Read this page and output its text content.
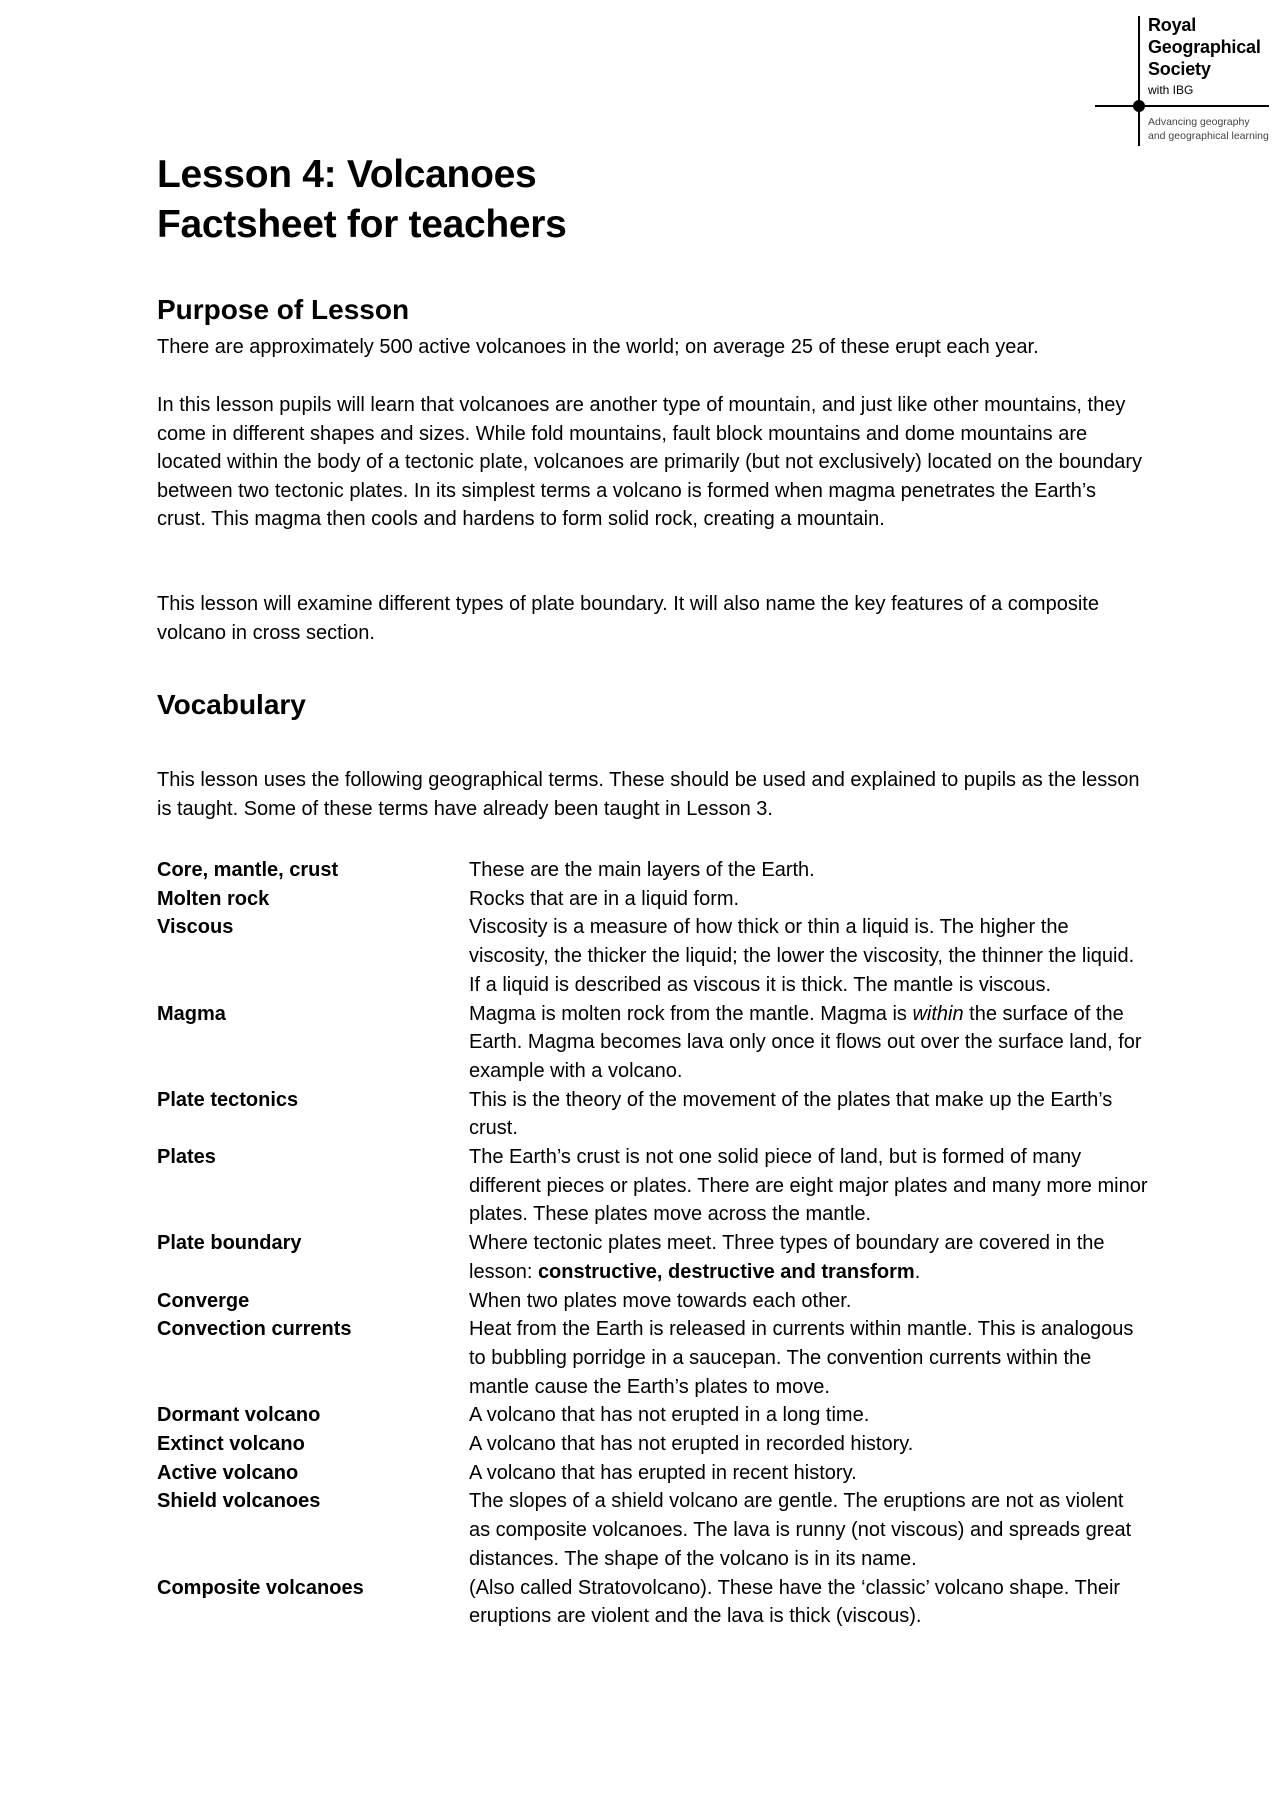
Royal
Geographical
Society
with IBG
Advancing geography
and geographical learning
Lesson 4: Volcanoes
Factsheet for teachers
Purpose of Lesson

There are approximately 500 active volcanoes in the world; on average 25 of these erupt each year.

In this lesson pupils will learn that volcanoes are another type of mountain, and just like other mountains, they come in different shapes and sizes. While fold mountains, fault block mountains and dome mountains are located within the body of a tectonic plate, volcanoes are primarily (but not exclusively) located on the boundary between two tectonic plates. In its simplest terms a volcano is formed when magma penetrates the Earth’s crust. This magma then cools and hardens to form solid rock, creating a mountain.

This lesson will examine different types of plate boundary. It will also name the key features of a composite volcano in cross section.

Vocabulary

This lesson uses the following geographical terms. These should be used and explained to pupils as the lesson is taught. Some of these terms have already been taught in Lesson 3.

Core, mantle, crust	These are the main layers of the Earth.
Molten rock	Rocks that are in a liquid form.
Viscous	Viscosity is a measure of how thick or thin a liquid is. The higher the viscosity, the thicker the liquid; the lower the viscosity, the thinner the liquid. If a liquid is described as viscous it is thick. The mantle is viscous.
Magma	Magma is molten rock from the mantle. Magma is within the surface of the Earth. Magma becomes lava only once it flows out over the surface land, for example with a volcano.
Plate tectonics	This is the theory of the movement of the plates that make up the Earth’s crust.
Plates	The Earth’s crust is not one solid piece of land, but is formed of many different pieces or plates. There are eight major plates and many more minor plates. These plates move across the mantle.
Plate boundary	Where tectonic plates meet. Three types of boundary are covered in the lesson: constructive, destructive and transform.
Converge	When two plates move towards each other.
Convection currents	Heat from the Earth is released in currents within mantle. This is analogous to bubbling porridge in a saucepan. The convention currents within the mantle cause the Earth’s plates to move.
Dormant volcano	A volcano that has not erupted in a long time.
Extinct volcano	A volcano that has not erupted in recorded history.
Active volcano	A volcano that has erupted in recent history.
Shield volcanoes	The slopes of a shield volcano are gentle. The eruptions are not as violent as composite volcanoes. The lava is runny (not viscous) and spreads great distances. The shape of the volcano is in its name.
Composite volcanoes	(Also called Stratovolcano). These have the ‘classic’ volcano shape. Their eruptions are violent and the lava is thick (viscous).
